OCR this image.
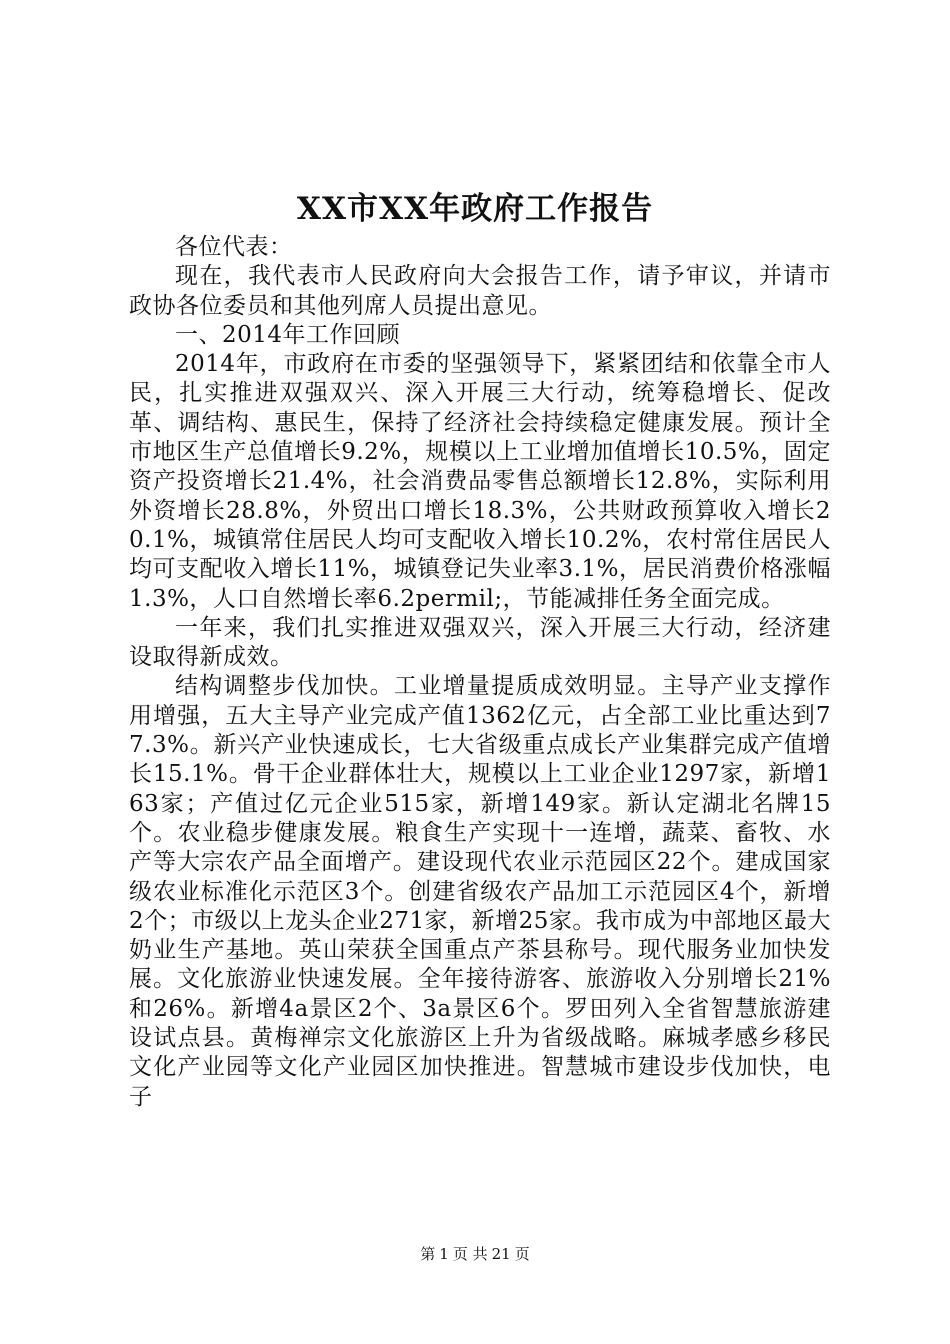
XX市XX年政府工作报告

各位代表：

现在，我代表市人民政府向大会报告工作，请予审议，并请市政协各位委员和其他列席人员提出意见。

一、2014年工作回顾

2014年，市政府在市委的坚强领导下，紧紧团结和依靠全市人民，扎实推进双强双兴、深入开展三大行动，统筹稳增长、促改革、调结构、惠民生，保持了经济社会持续稳定健康发展。预计全市地区生产总值增长9.2%，规模以上工业增加值增长10.5%，固定资产投资增长21.4%，社会消费品零售总额增长12.8%，实际利用外资增长28.8%，外贸出口增长18.3%，公共财政预算收入增长20.1%，城镇常住居民人均可支配收入增长10.2%，农村常住居民人均可支配收入增长11%，城镇登记失业率3.1%，居民消费价格涨幅1.3%，人口自然增长率6.2permil;，节能减排任务全面完成。

一年来，我们扎实推进双强双兴，深入开展三大行动，经济建设取得新成效。

结构调整步伐加快。工业增量提质成效明显。主导产业支撑作用增强，五大主导产业完成产值1362亿元，占全部工业比重达到77.3%。新兴产业快速成长，七大省级重点成长产业集群完成产值增长15.1%。骨干企业群体壮大，规模以上工业企业1297家，新增163家；产值过亿元企业515家，新增149家。新认定湖北名牌15个。农业稳步健康发展。粮食生产实现十一连增，蔬菜、畜牧、水产等大宗农产品全面增产。建设现代农业示范园区22个。建成国家级农业标准化示范区3个。创建省级农产品加工示范园区4个，新增2个；市级以上龙头企业271家，新增25家。我市成为中部地区最大奶业生产基地。英山荣获全国重点产茶县称号。现代服务业加快发展。文化旅游业快速发展。全年接待游客、旅游收入分别增长21%和26%。新增4a景区2个、3a景区6个。罗田列入全省智慧旅游建设试点县。黄梅禅宗文化旅游区上升为省级战略。麻城孝感乡移民文化产业园等文化产业园区加快推进。智慧城市建设步伐加快，电子

第 1 页 共 21 页
